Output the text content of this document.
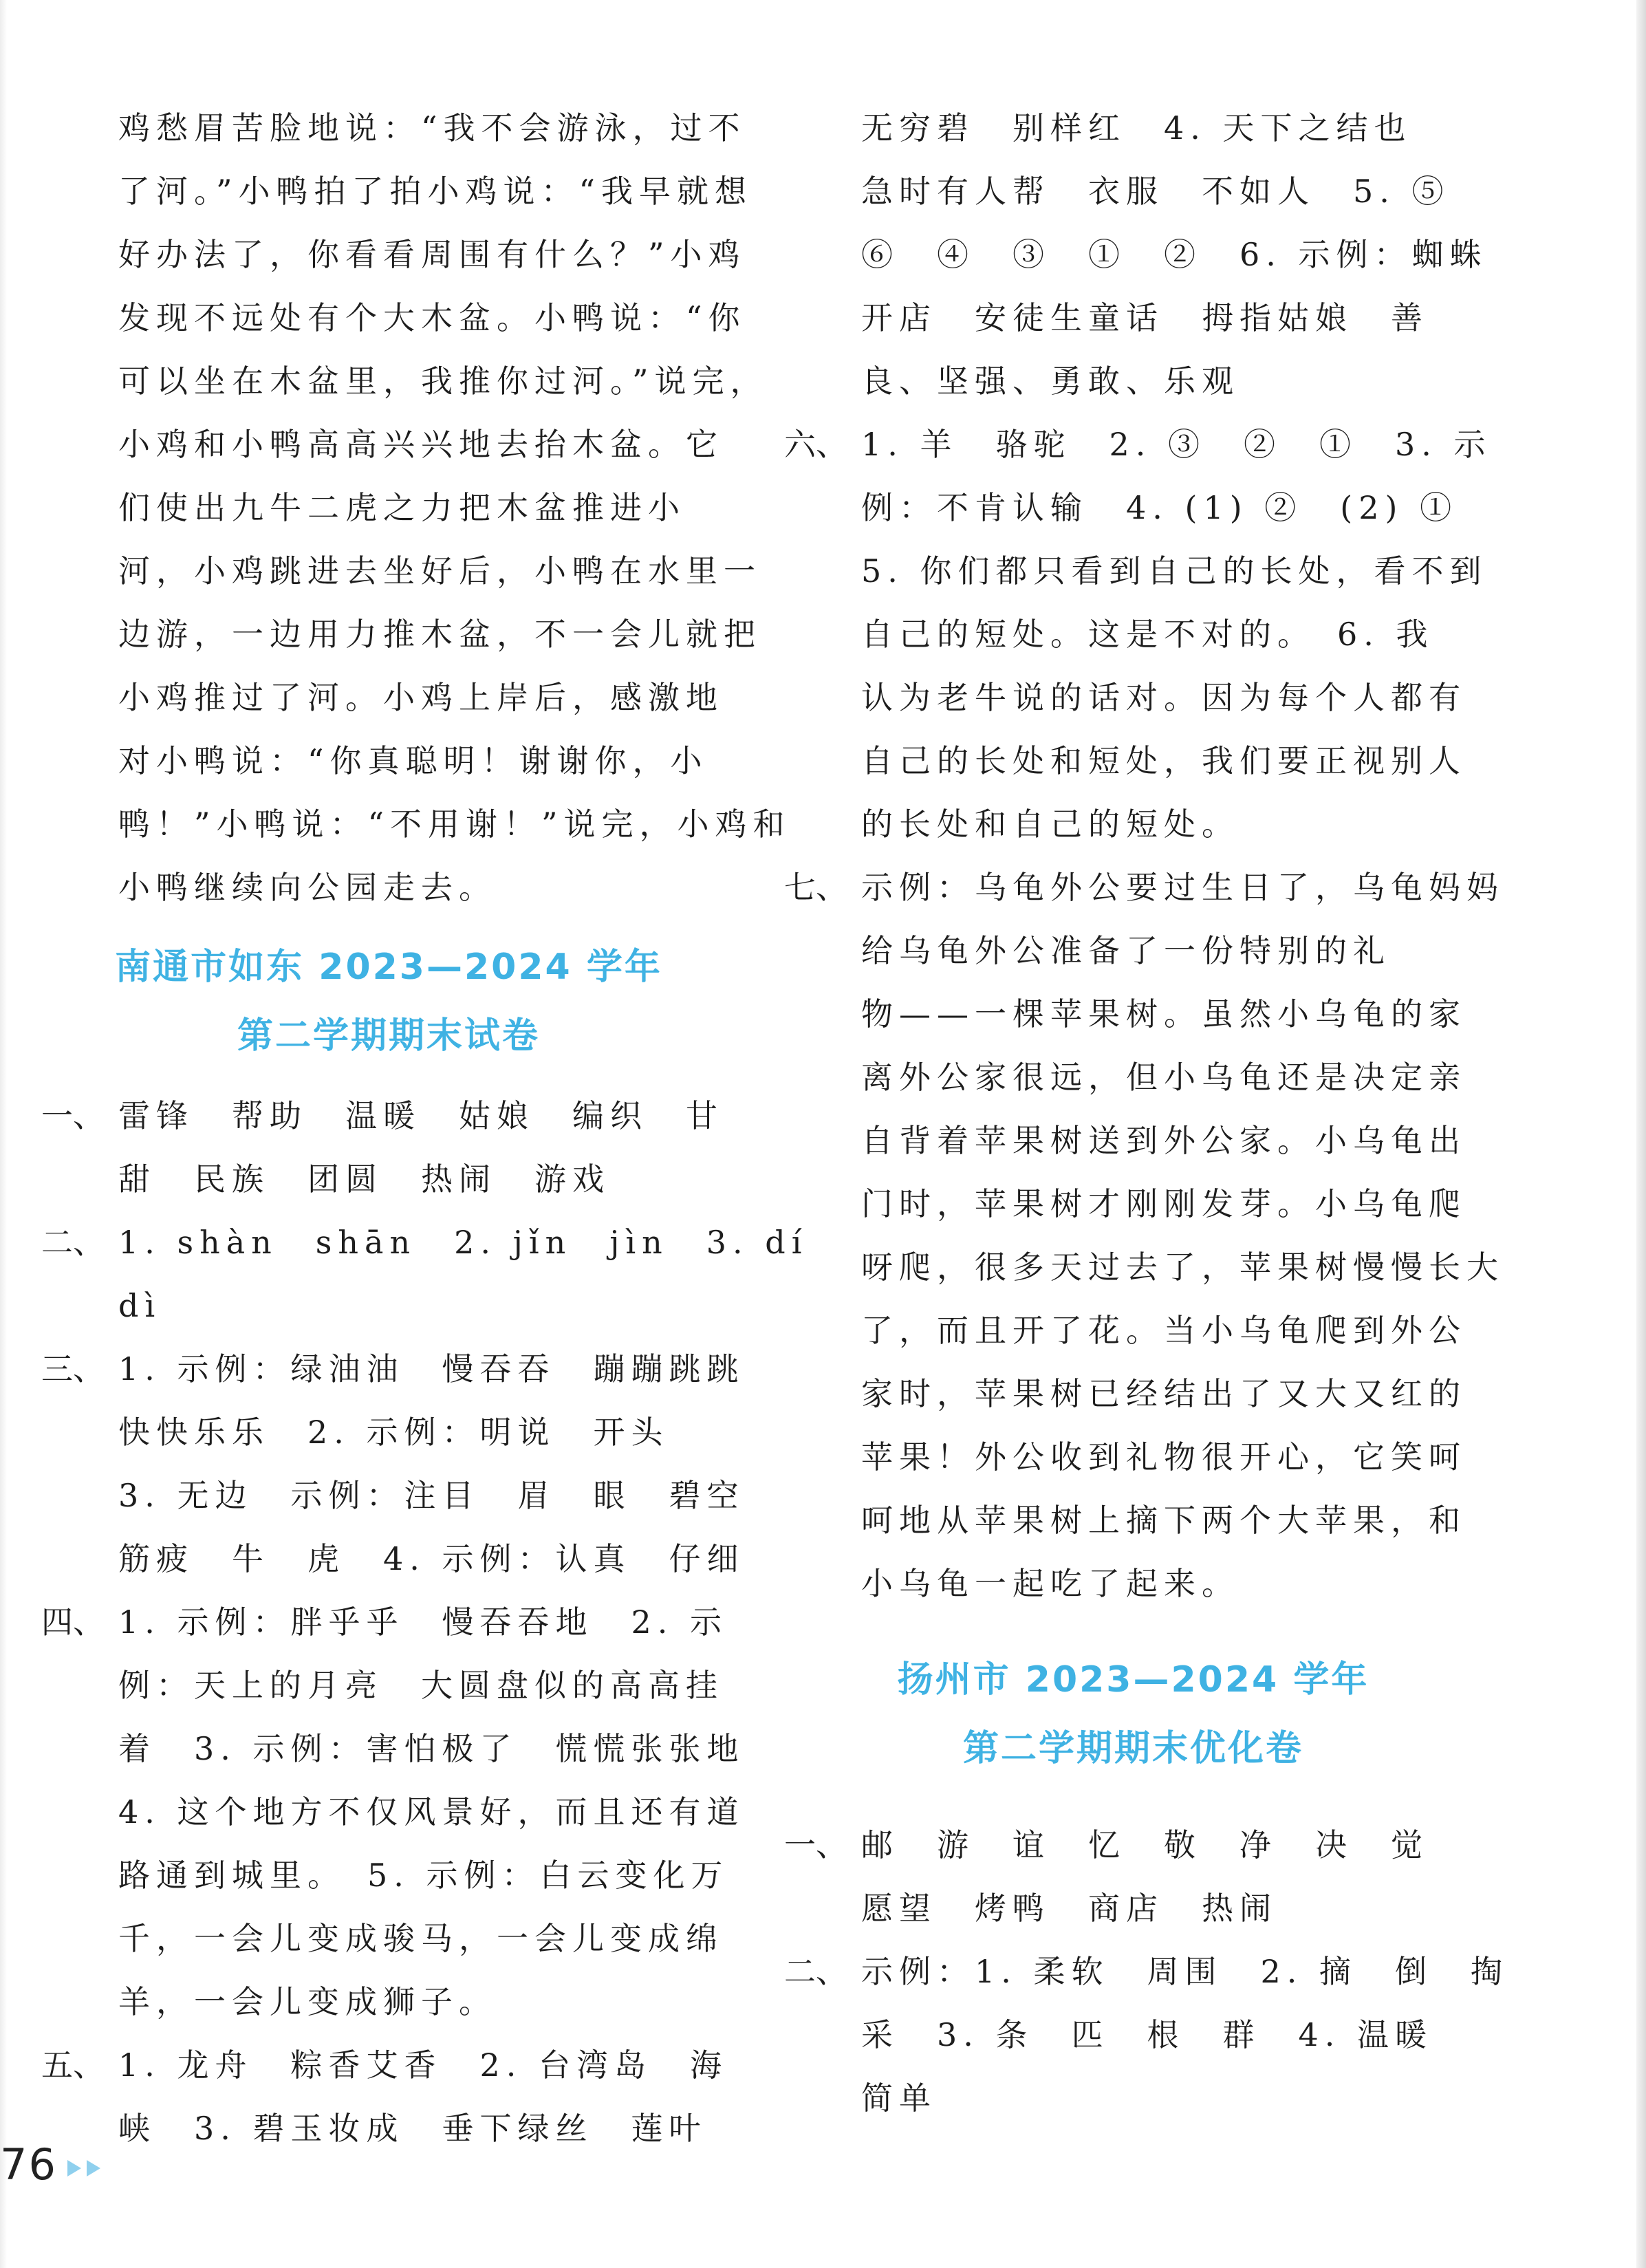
鸡愁眉苦脸地说：“我不会游泳，过不
了河。”小鸭拍了拍小鸡说：“我早就想
好办法了，你看看周围有什么？”小鸡
发现不远处有个大木盆。小鸭说：“你
可以坐在木盆里，我推你过河。”说完，
小鸡和小鸭高高兴兴地去抬木盆。它
们使出九牛二虎之力把木盆推进小
河，小鸡跳进去坐好后，小鸭在水里一
边游，一边用力推木盆，不一会儿就把
小鸡推过了河。小鸡上岸后，感激地
对小鸭说：“你真聪明！谢谢你，小
鸭！”小鸭说：“不用谢！”说完，小鸡和
小鸭继续向公园走去。
南通市如东 2023—2024 学年
第二学期期末试卷
一、 雷锋　帮助　温暖　姑娘　编织　甘
甜　民族　团圆　热闹　游戏
二、 1. shàn　shān　2. jǐn　jìn　3. dí
dì
三、 1. 示例：绿油油　慢吞吞　蹦蹦跳跳
快快乐乐　2. 示例：明说　开头
3. 无边　示例：注目　眉　眼　碧空
筋疲　牛　虎　4. 示例：认真　仔细
四、 1. 示例：胖乎乎　慢吞吞地　2. 示
例：天上的月亮　大圆盘似的高高挂
着　3. 示例：害怕极了　慌慌张张地
4. 这个地方不仅风景好，而且还有道
路通到城里。　5. 示例：白云变化万
千，一会儿变成骏马，一会儿变成绵
羊，一会儿变成狮子。
五、 1. 龙舟　粽香艾香　2. 台湾岛　海
峡　3. 碧玉妆成　垂下绿丝　莲叶
无穷碧　别样红　4. 天下之结也
急时有人帮　衣服　不如人　5. ⑤
⑥　④　③　①　②　6. 示例：蜘蛛
开店　安徒生童话　拇指姑娘　善
良、坚强、勇敢、乐观
六、 1. 羊　骆驼　2. ③　②　①　3. 示
例：不肯认输　4. (1) ②　(2) ①
5. 你们都只看到自己的长处，看不到
自己的短处。这是不对的。　6. 我
认为老牛说的话对。因为每个人都有
自己的长处和短处，我们要正视别人
的长处和自己的短处。
七、 示例：乌龟外公要过生日了，乌龟妈妈
给乌龟外公准备了一份特别的礼
物——一棵苹果树。虽然小乌龟的家
离外公家很远，但小乌龟还是决定亲
自背着苹果树送到外公家。小乌龟出
门时，苹果树才刚刚发芽。小乌龟爬
呀爬，很多天过去了，苹果树慢慢长大
了，而且开了花。当小乌龟爬到外公
家时，苹果树已经结出了又大又红的
苹果！外公收到礼物很开心，它笑呵
呵地从苹果树上摘下两个大苹果，和
小乌龟一起吃了起来。
扬州市 2023—2024 学年
第二学期期末优化卷
一、 邮　游　谊　忆　敬　净　决　觉
愿望　烤鸭　商店　热闹
二、 示例：1. 柔软　周围　2. 摘　倒　掏
采　3. 条　匹　根　群　4. 温暖
简单
76
